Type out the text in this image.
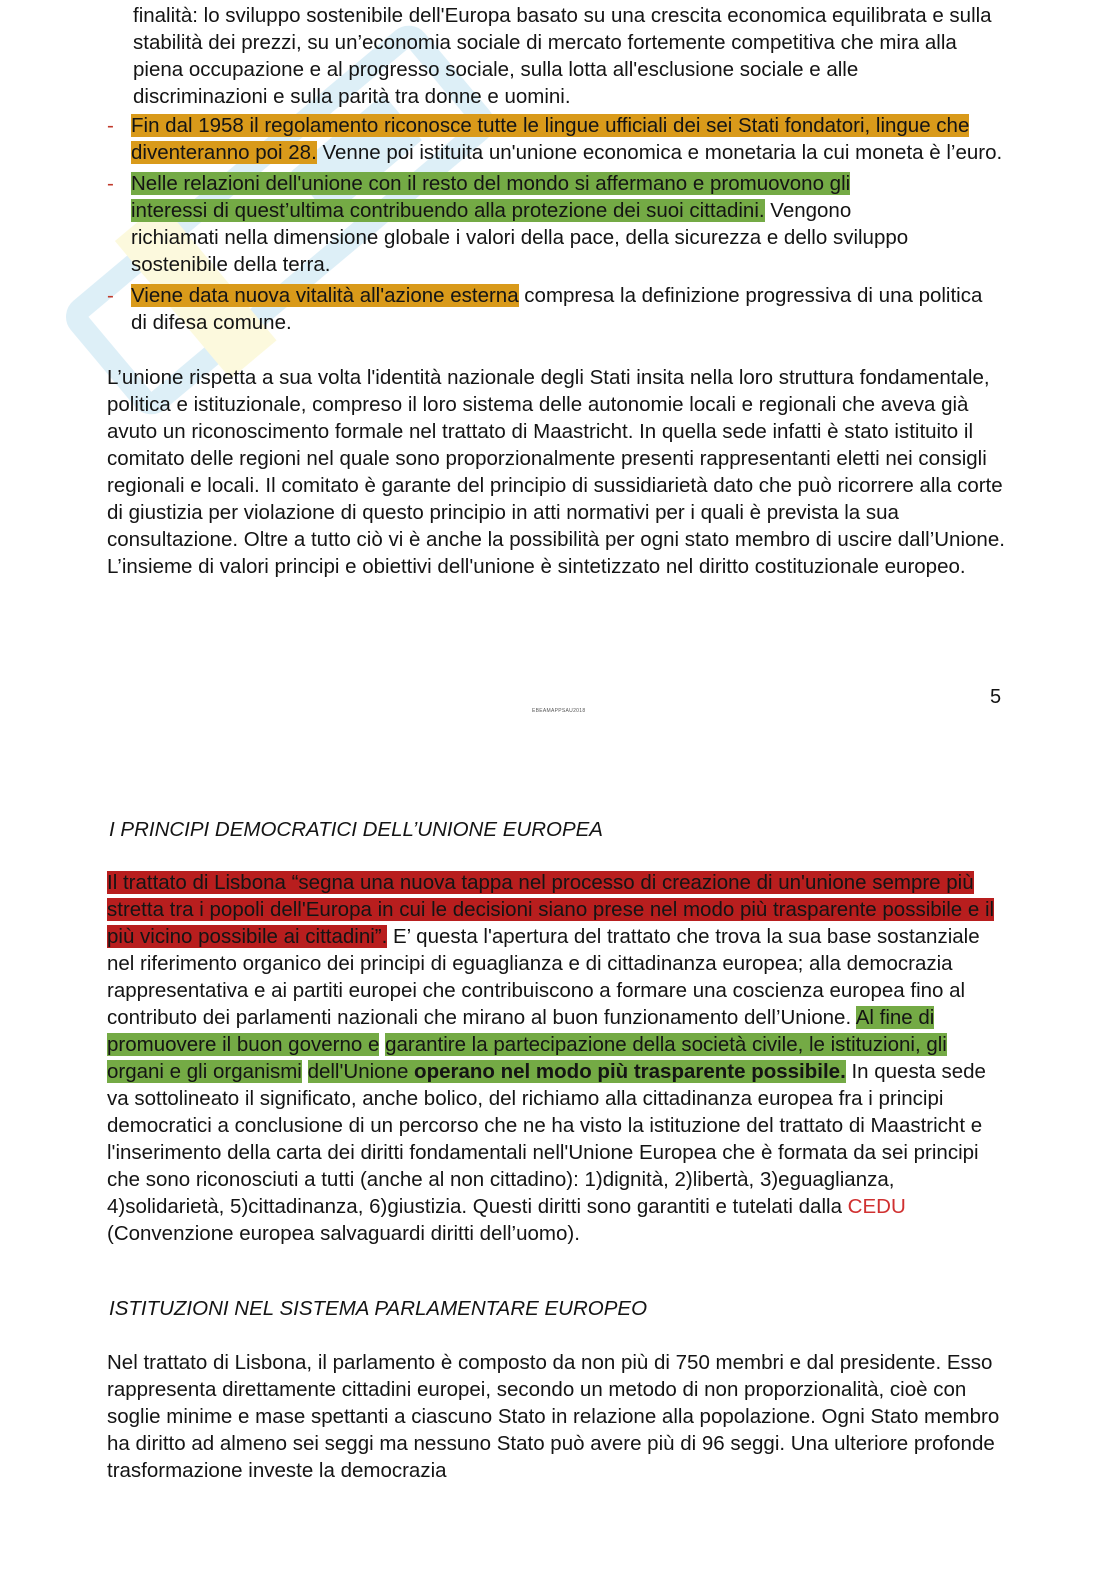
finalità: lo sviluppo sostenibile dell'Europa basato su una crescita economica equilibrata e sulla stabilità dei prezzi, su un’economia sociale di mercato fortemente competitiva che mira alla piena occupazione e al progresso sociale, sulla lotta all'esclusione sociale e alle discriminazioni e sulla parità tra donne e uomini.

- Fin dal 1958 il regolamento riconosce tutte le lingue ufficiali dei sei Stati fondatori, lingue che diventeranno poi 28. Venne poi istituita un'unione economica e monetaria la cui moneta è l’euro.
- Nelle relazioni dell'unione con il resto del mondo si affermano e promuovono gli interessi di quest’ultima contribuendo alla protezione dei suoi cittadini. Vengono richiamati nella dimensione globale i valori della pace, della sicurezza e dello sviluppo sostenibile della terra.
- Viene data nuova vitalità all'azione esterna compresa la definizione progressiva di una politica di difesa comune.

L’unione rispetta a sua volta l'identità nazionale degli Stati insita nella loro struttura fondamentale, politica e istituzionale, compreso il loro sistema delle autonomie locali e regionali che aveva già avuto un riconoscimento formale nel trattato di Maastricht. In quella sede infatti è stato istituito il comitato delle regioni nel quale sono proporzionalmente presenti rappresentanti eletti nei consigli regionali e locali. Il comitato è garante del principio di sussidiarietà dato che può ricorrere alla corte di giustizia per violazione di questo principio in atti normativi per i quali è prevista la sua consultazione. Oltre a tutto ciò vi è anche la possibilità per ogni stato membro di uscire dall’Unione. L’insieme di valori principi e obiettivi dell'unione è sintetizzato nel diritto costituzionale europeo.

5
EBEAMAPPSAU2018
I PRINCIPI DEMOCRATICI DELL’UNIONE EUROPEA

Il trattato di Lisbona “segna una nuova tappa nel processo di creazione di un'unione sempre più stretta tra i popoli dell'Europa in cui le decisioni siano prese nel modo più trasparente possibile e il più vicino possibile ai cittadini”. E’ questa l'apertura del trattato che trova la sua base sostanziale nel riferimento organico dei principi di eguaglianza e di cittadinanza europea; alla democrazia rappresentativa e ai partiti europei che contribuiscono a formare una coscienza europea fino al contributo dei parlamenti nazionali che mirano al buon funzionamento dell’Unione. Al fine di promuovere il buon governo e garantire la partecipazione della società civile, le istituzioni, gli organi e gli organismi dell'Unione operano nel modo più trasparente possibile. In questa sede va sottolineato il significato, anche bolico, del richiamo alla cittadinanza europea fra i principi democratici a conclusione di un percorso che ne ha visto la istituzione del trattato di Maastricht e l'inserimento della carta dei diritti fondamentali nell'Unione Europea che è formata da sei principi che sono riconosciuti a tutti (anche al non cittadino): 1)dignità, 2)libertà, 3)eguaglianza, 4)solidarietà, 5)cittadinanza, 6)giustizia. Questi diritti sono garantiti e tutelati dalla CEDU (Convenzione europea salvaguardi diritti dell’uomo).

ISTITUZIONI NEL SISTEMA PARLAMENTARE EUROPEO

Nel trattato di Lisbona, il parlamento è composto da non più di 750 membri e dal presidente. Esso rappresenta direttamente cittadini europei, secondo un metodo di non proporzionalità, cioè con soglie minime e mase spettanti a ciascuno Stato in relazione alla popolazione. Ogni Stato membro ha diritto ad almeno sei seggi ma nessuno Stato può avere più di 96 seggi. Una ulteriore profonde trasformazione investe la democrazia
